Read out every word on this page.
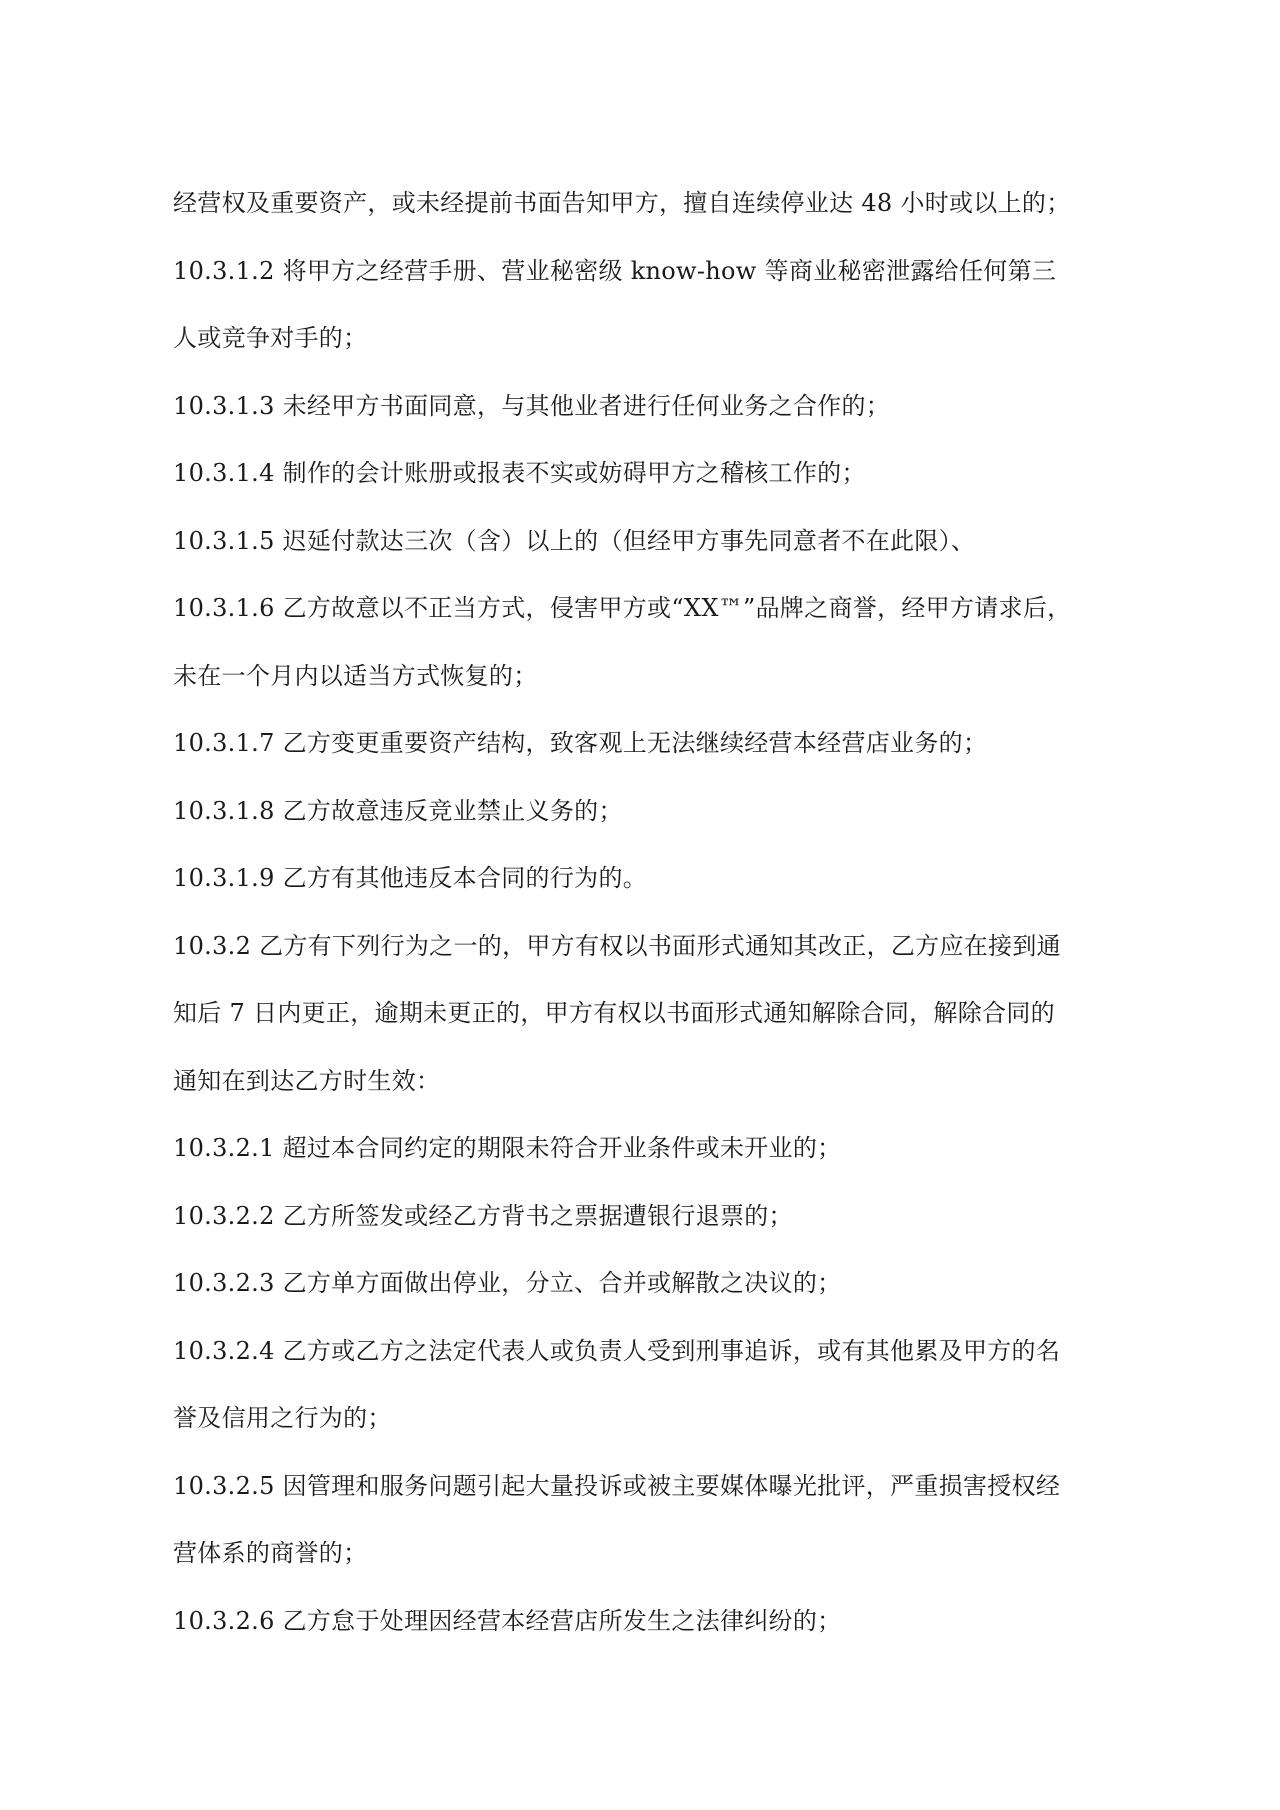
经营权及重要资产，或未经提前书面告知甲方，擅自连续停业达 48 小时或以上的；
10.3.1.2 将甲方之经营手册、营业秘密级 know-how 等商业秘密泄露给任何第三
人或竞争对手的；
10.3.1.3 未经甲方书面同意，与其他业者进行任何业务之合作的；
10.3.1.4 制作的会计账册或报表不实或妨碍甲方之稽核工作的；
10.3.1.5 迟延付款达三次（含）以上的（但经甲方事先同意者不在此限）、
10.3.1.6 乙方故意以不正当方式，侵害甲方或“XX™”品牌之商誉，经甲方请求后，
未在一个月内以适当方式恢复的；
10.3.1.7 乙方变更重要资产结构，致客观上无法继续经营本经营店业务的；
10.3.1.8 乙方故意违反竞业禁止义务的；
10.3.1.9 乙方有其他违反本合同的行为的。
10.3.2 乙方有下列行为之一的，甲方有权以书面形式通知其改正，乙方应在接到通
知后 7 日内更正，逾期未更正的，甲方有权以书面形式通知解除合同，解除合同的
通知在到达乙方时生效：
10.3.2.1 超过本合同约定的期限未符合开业条件或未开业的；
10.3.2.2 乙方所签发或经乙方背书之票据遭银行退票的；
10.3.2.3 乙方单方面做出停业，分立、合并或解散之决议的；
10.3.2.4 乙方或乙方之法定代表人或负责人受到刑事追诉，或有其他累及甲方的名
誉及信用之行为的；
10.3.2.5 因管理和服务问题引起大量投诉或被主要媒体曝光批评，严重损害授权经
营体系的商誉的；
10.3.2.6 乙方怠于处理因经营本经营店所发生之法律纠纷的；
